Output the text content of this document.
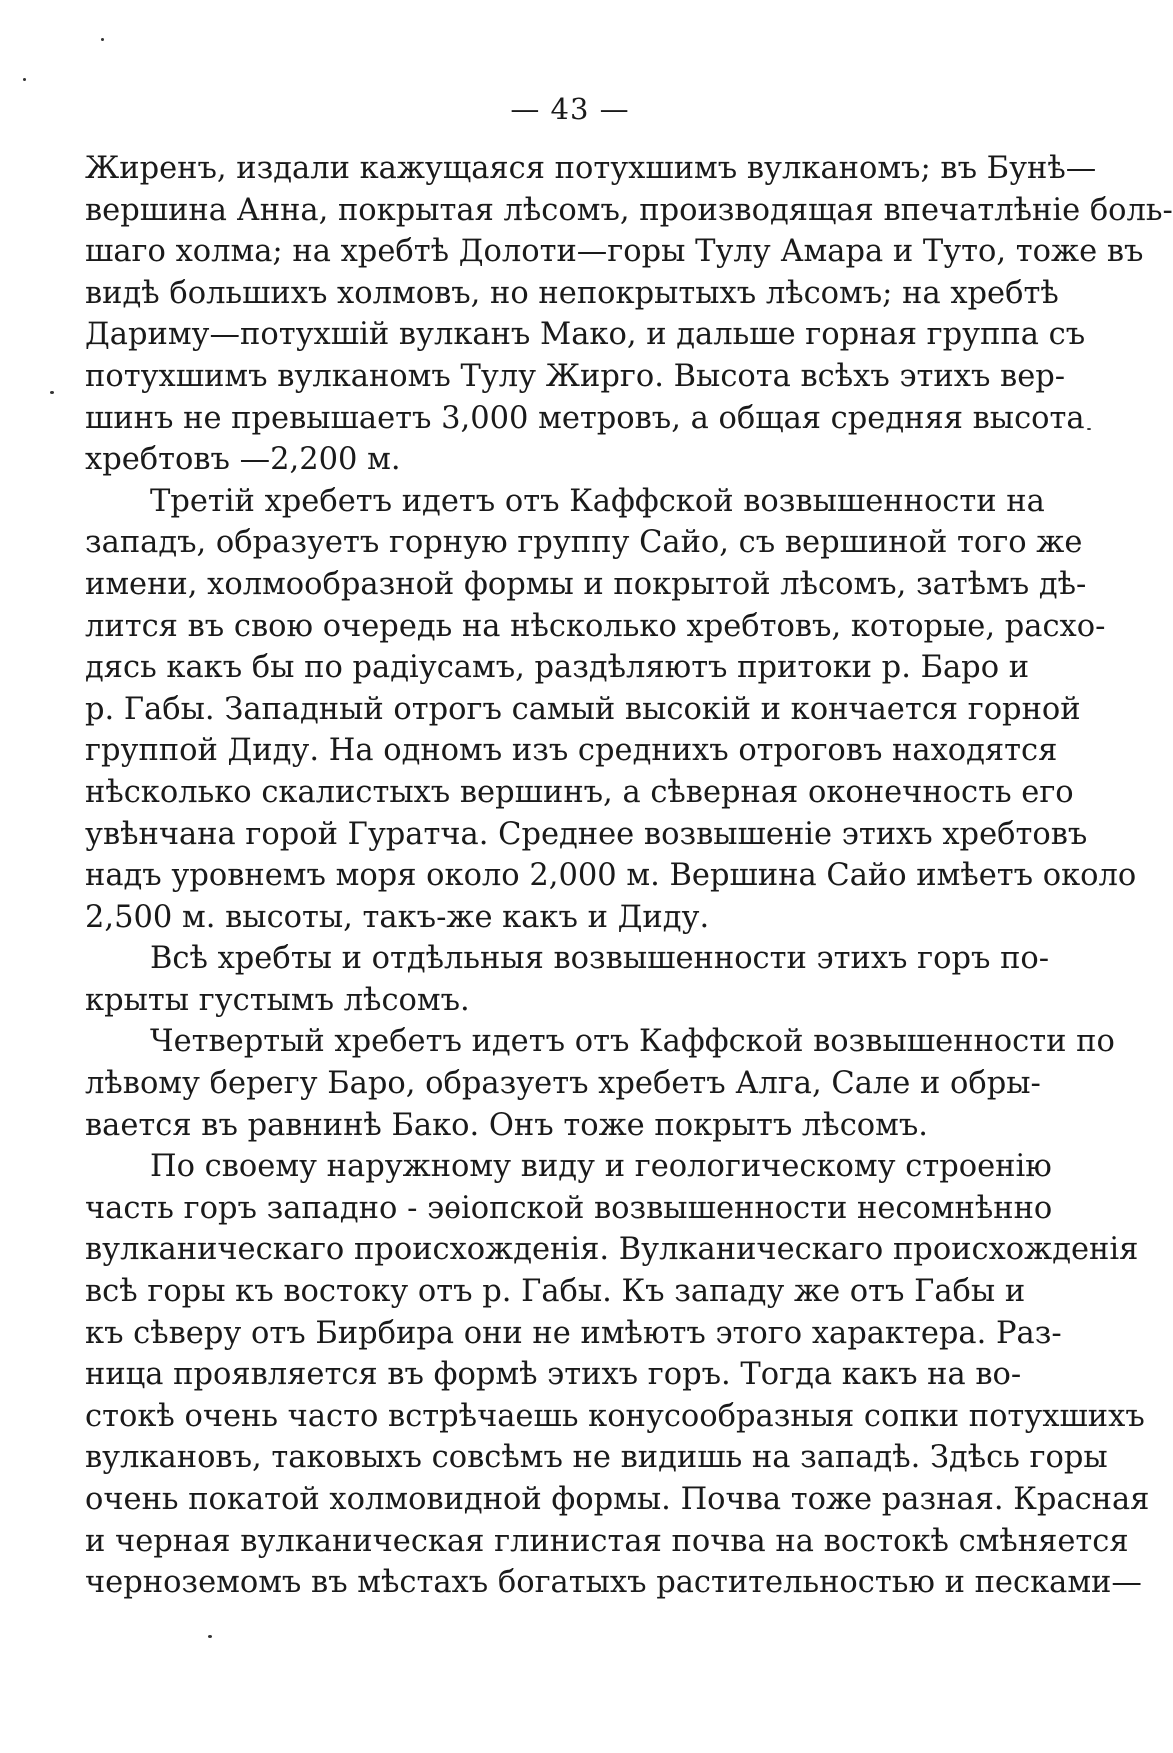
— 43 —
Жиренъ, издали кажущаяся потухшимъ вулканомъ; въ Бунѣ—
вершина Анна, покрытая лѣсомъ, производящая впечатлѣніе боль-
шаго холма; на хребтѣ Долоти—горы Тулу Амара и Туто, тоже въ
видѣ большихъ холмовъ, но непокрытыхъ лѣсомъ; на хребтѣ
Дариму—потухшій вулканъ Мако, и дальше горная группа съ
потухшимъ вулканомъ Тулу Жирго. Высота всѣхъ этихъ вер-
шинъ не превышаетъ 3,000 метровъ, а общая средняя высота
хребтовъ —2,200 м.
Третій хребетъ идетъ отъ Каффской возвышенности на
западъ, образуетъ горную группу Сайо, съ вершиной того же
имени, холмообразной формы и покрытой лѣсомъ, затѣмъ дѣ-
лится въ свою очередь на нѣсколько хребтовъ, которые, расхо-
дясь какъ бы по радіусамъ, раздѣляютъ притоки р. Баро и
р. Габы. Западный отрогъ самый высокій и кончается горной
группой Диду. На одномъ изъ среднихъ отроговъ находятся
нѣсколько скалистыхъ вершинъ, а сѣверная оконечность его
увѣнчана горой Гуратча. Среднее возвышеніе этихъ хребтовъ
надъ уровнемъ моря около 2,000 м. Вершина Сайо имѣетъ около
2,500 м. высоты, такъ-же какъ и Диду.
Всѣ хребты и отдѣльныя возвышенности этихъ горъ по-
крыты густымъ лѣсомъ.
Четвертый хребетъ идетъ отъ Каффской возвышенности по
лѣвому берегу Баро, образуетъ хребетъ Алга, Сале и обры-
вается въ равнинѣ Бако. Онъ тоже покрытъ лѣсомъ.
По своему наружному виду и геологическому строенію
часть горъ западно - эѳіопской возвышенности несомнѣнно
вулканическаго происхожденія. Вулканическаго происхожденія
всѣ горы къ востоку отъ р. Габы. Къ западу же отъ Габы и
къ сѣверу отъ Бирбира они не имѣютъ этого характера. Раз-
ница проявляется въ формѣ этихъ горъ. Тогда какъ на во-
стокѣ очень часто встрѣчаешь конусообразныя сопки потухшихъ
вулкановъ, таковыхъ совсѣмъ не видишь на западѣ. Здѣсь горы
очень покатой холмовидной формы. Почва тоже разная. Красная
и черная вулканическая глинистая почва на востокѣ смѣняется
черноземомъ въ мѣстахъ богатыхъ растительностью и песками—
